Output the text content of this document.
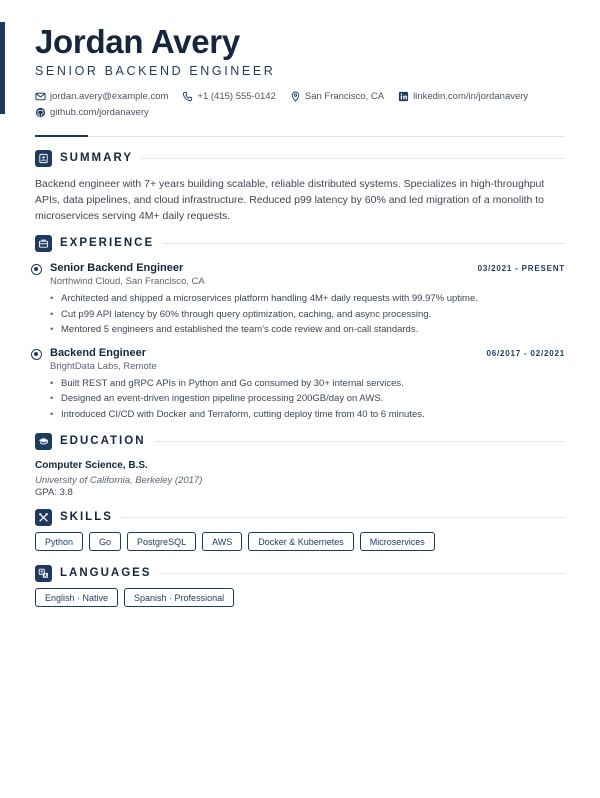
Jordan Avery
SENIOR BACKEND ENGINEER
jordan.avery@example.com	+1 (415) 555-0142	San Francisco, CA	linkedin.com/in/jordanavery
github.com/jordanavery
SUMMARY

Backend engineer with 7+ years building scalable, reliable distributed systems. Specializes in high-throughput APIs, data pipelines, and cloud infrastructure. Reduced p99 latency by 60% and led migration of a monolith to microservices serving 4M+ daily requests.

EXPERIENCE
Senior Backend Engineer	03/2021 - PRESENT
Northwind Cloud, San Francisco, CA
• Architected and shipped a microservices platform handling 4M+ daily requests with 99.97% uptime.
• Cut p99 API latency by 60% through query optimization, caching, and async processing.
• Mentored 5 engineers and established the team's code review and on-call standards.
Backend Engineer	06/2017 - 02/2021
BrightData Labs, Remote
• Built REST and gRPC APIs in Python and Go consumed by 30+ internal services.
• Designed an event-driven ingestion pipeline processing 200GB/day on AWS.
• Introduced CI/CD with Docker and Terraform, cutting deploy time from 40 to 6 minutes.
EDUCATION
Computer Science, B.S.
University of California, Berkeley (2017)
GPA: 3.8
SKILLS
Python	Go	PostgreSQL	AWS	Docker & Kubernetes	Microservices
LANGUAGES
English · Native	Spanish · Professional
